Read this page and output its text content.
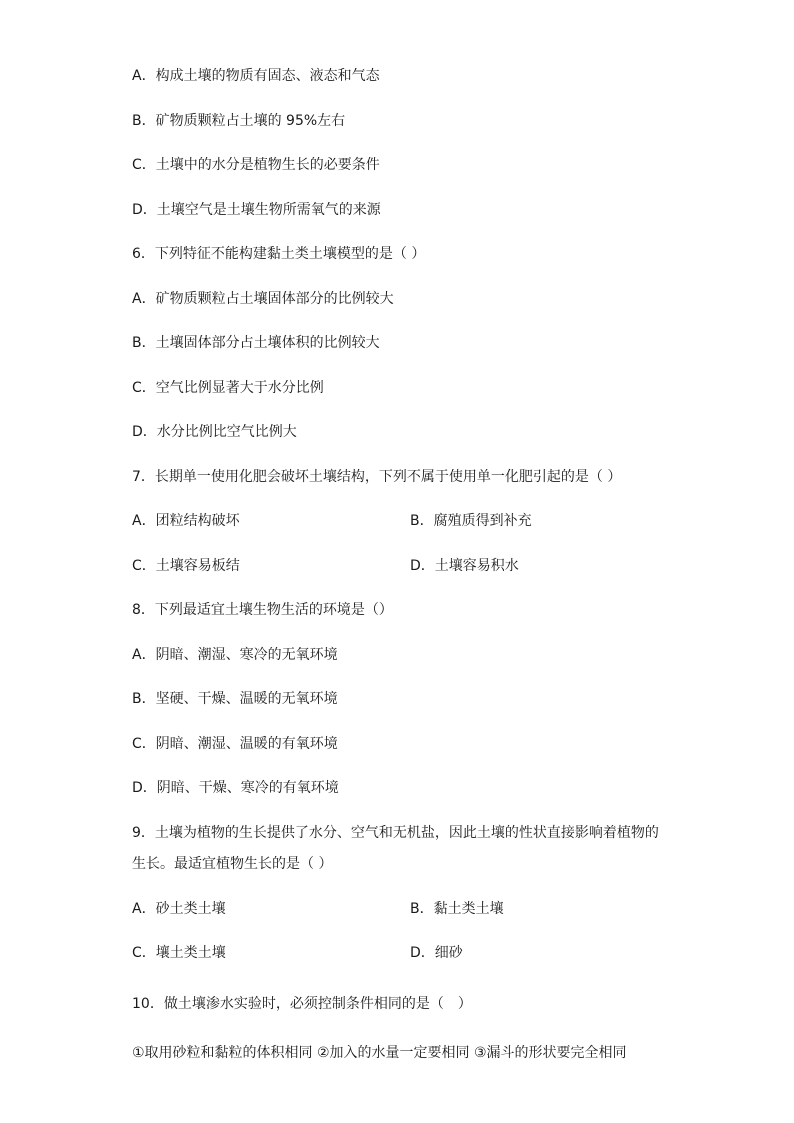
A．构成土壤的物质有固态、液态和气态
B．矿物质颗粒占土壤的 95%左右
C．土壤中的水分是植物生长的必要条件
D．土壤空气是土壤生物所需氧气的来源
6．下列特征不能构建黏土类土壤模型的是（ ）
A．矿物质颗粒占土壤固体部分的比例较大
B．土壤固体部分占土壤体积的比例较大
C．空气比例显著大于水分比例
D．水分比例比空气比例大
7．长期单一使用化肥会破坏土壤结构，下列不属于使用单一化肥引起的是（ ）
A．团粒结构破坏	B．腐殖质得到补充
C．土壤容易板结	D．土壤容易积水
8．下列最适宜土壤生物生活的环境是（）
A．阴暗、潮湿、寒冷的无氧环境
B．坚硬、干燥、温暖的无氧环境
C．阴暗、潮湿、温暖的有氧环境
D．阴暗、干燥、寒冷的有氧环境
9．土壤为植物的生长提供了水分、空气和无机盐，因此土壤的性状直接影响着植物的
生长。最适宜植物生长的是（ ）
A．砂土类土壤	B．黏土类土壤
C．壤土类土壤	D．细砂
10．做土壤渗水实验时，必须控制条件相同的是（　）
①取用砂粒和黏粒的体积相同 ②加入的水量一定要相同 ③漏斗的形状要完全相同
